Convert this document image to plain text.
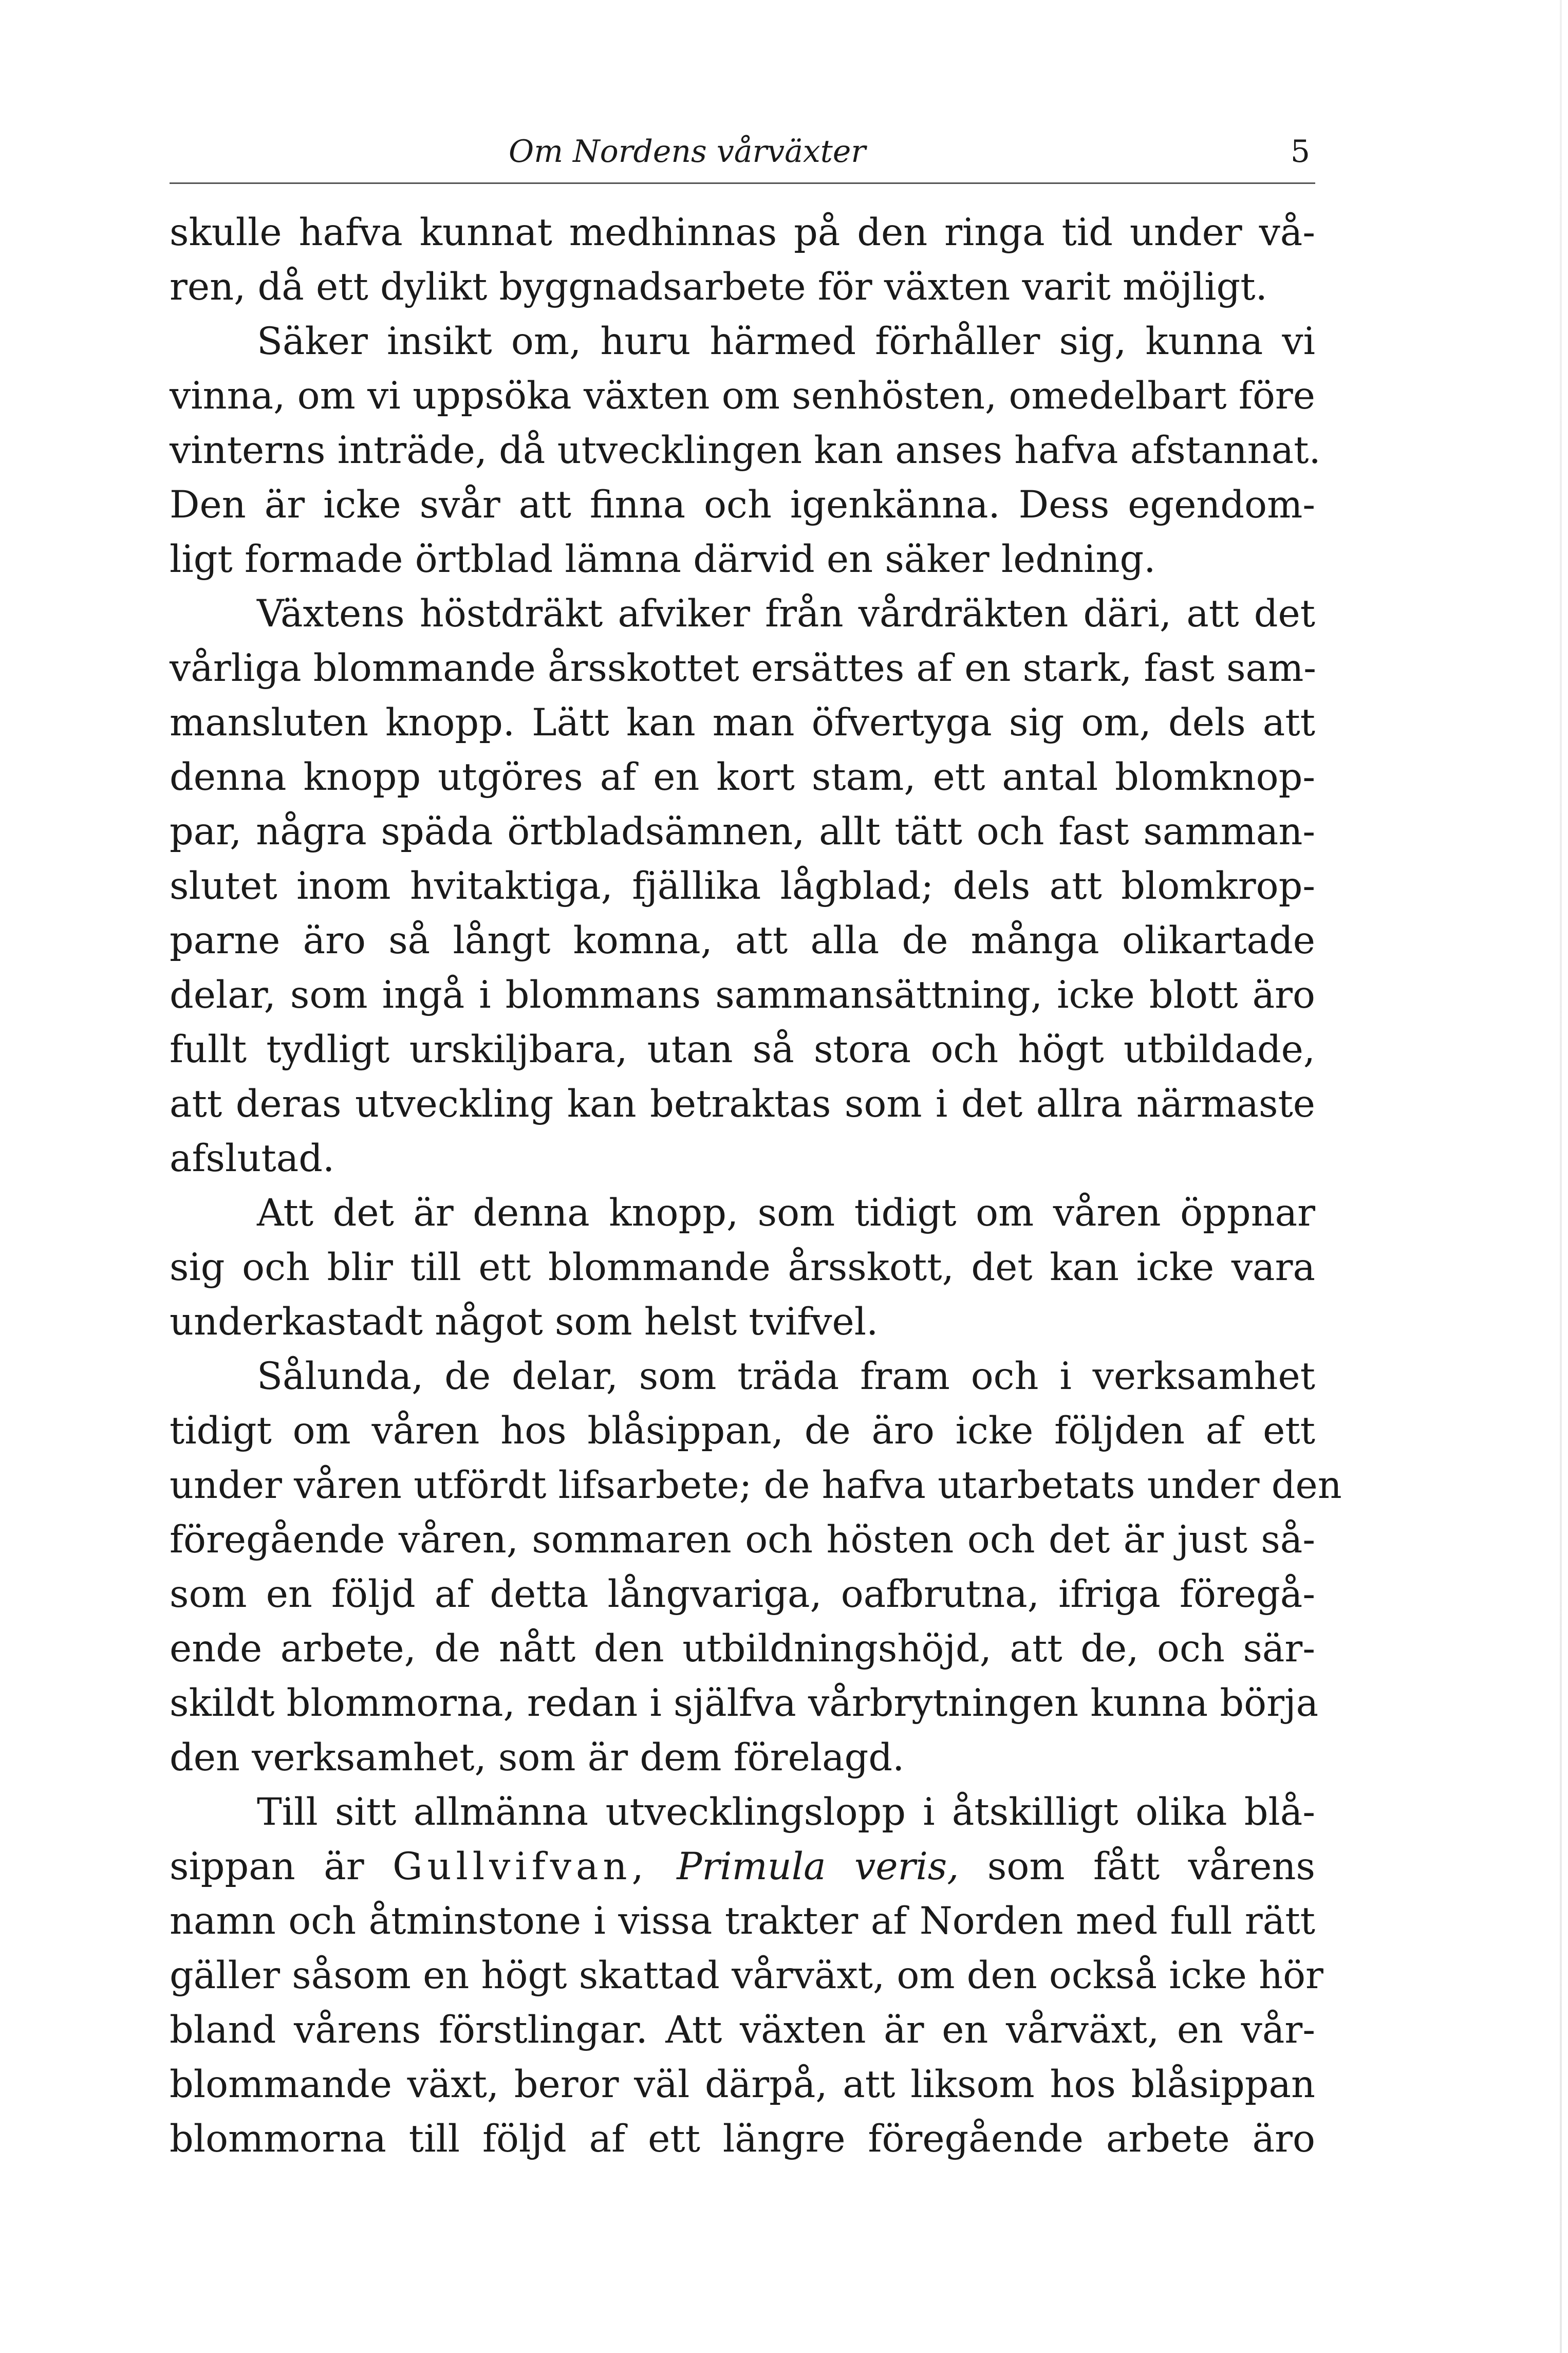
Om Nordens vårväxter	5
skulle hafva kunnat medhinnas på den ringa tid under vå-
ren, då ett dylikt byggnadsarbete för växten varit möjligt.
Säker insikt om, huru härmed förhåller sig, kunna vi
vinna, om vi uppsöka växten om senhösten, omedelbart före
vinterns inträde, då utvecklingen kan anses hafva afstannat.
Den är icke svår att finna och igenkänna. Dess egendom-
ligt formade örtblad lämna därvid en säker ledning.
Växtens höstdräkt afviker från vårdräkten däri, att det
vårliga blommande årsskottet ersättes af en stark, fast sam-
mansluten knopp. Lätt kan man öfvertyga sig om, dels att
denna knopp utgöres af en kort stam, ett antal blomknop-
par, några späda örtbladsämnen, allt tätt och fast samman-
slutet inom hvitaktiga, fjällika lågblad; dels att blomkrop-
parne äro så långt komna, att alla de många olikartade
delar, som ingå i blommans sammansättning, icke blott äro
fullt tydligt urskiljbara, utan så stora och högt utbildade,
att deras utveckling kan betraktas som i det allra närmaste
afslutad.
Att det är denna knopp, som tidigt om våren öppnar
sig och blir till ett blommande årsskott, det kan icke vara
underkastadt något som helst tvifvel.
Sålunda, de delar, som träda fram och i verksamhet
tidigt om våren hos blåsippan, de äro icke följden af ett
under våren utfördt lifsarbete; de hafva utarbetats under den
föregående våren, sommaren och hösten och det är just så-
som en följd af detta långvariga, oafbrutna, ifriga föregå-
ende arbete, de nått den utbildningshöjd, att de, och sär-
skildt blommorna, redan i själfva vårbrytningen kunna börja
den verksamhet, som är dem förelagd.
Till sitt allmänna utvecklingslopp i åtskilligt olika blå-
sippan är Gullvifvan, Primula veris, som fått vårens
namn och åtminstone i vissa trakter af Norden med full rätt
gäller såsom en högt skattad vårväxt, om den också icke hör
bland vårens förstlingar. Att växten är en vårväxt, en vår-
blommande växt, beror väl därpå, att liksom hos blåsippan
blommorna till följd af ett längre föregående arbete äro
